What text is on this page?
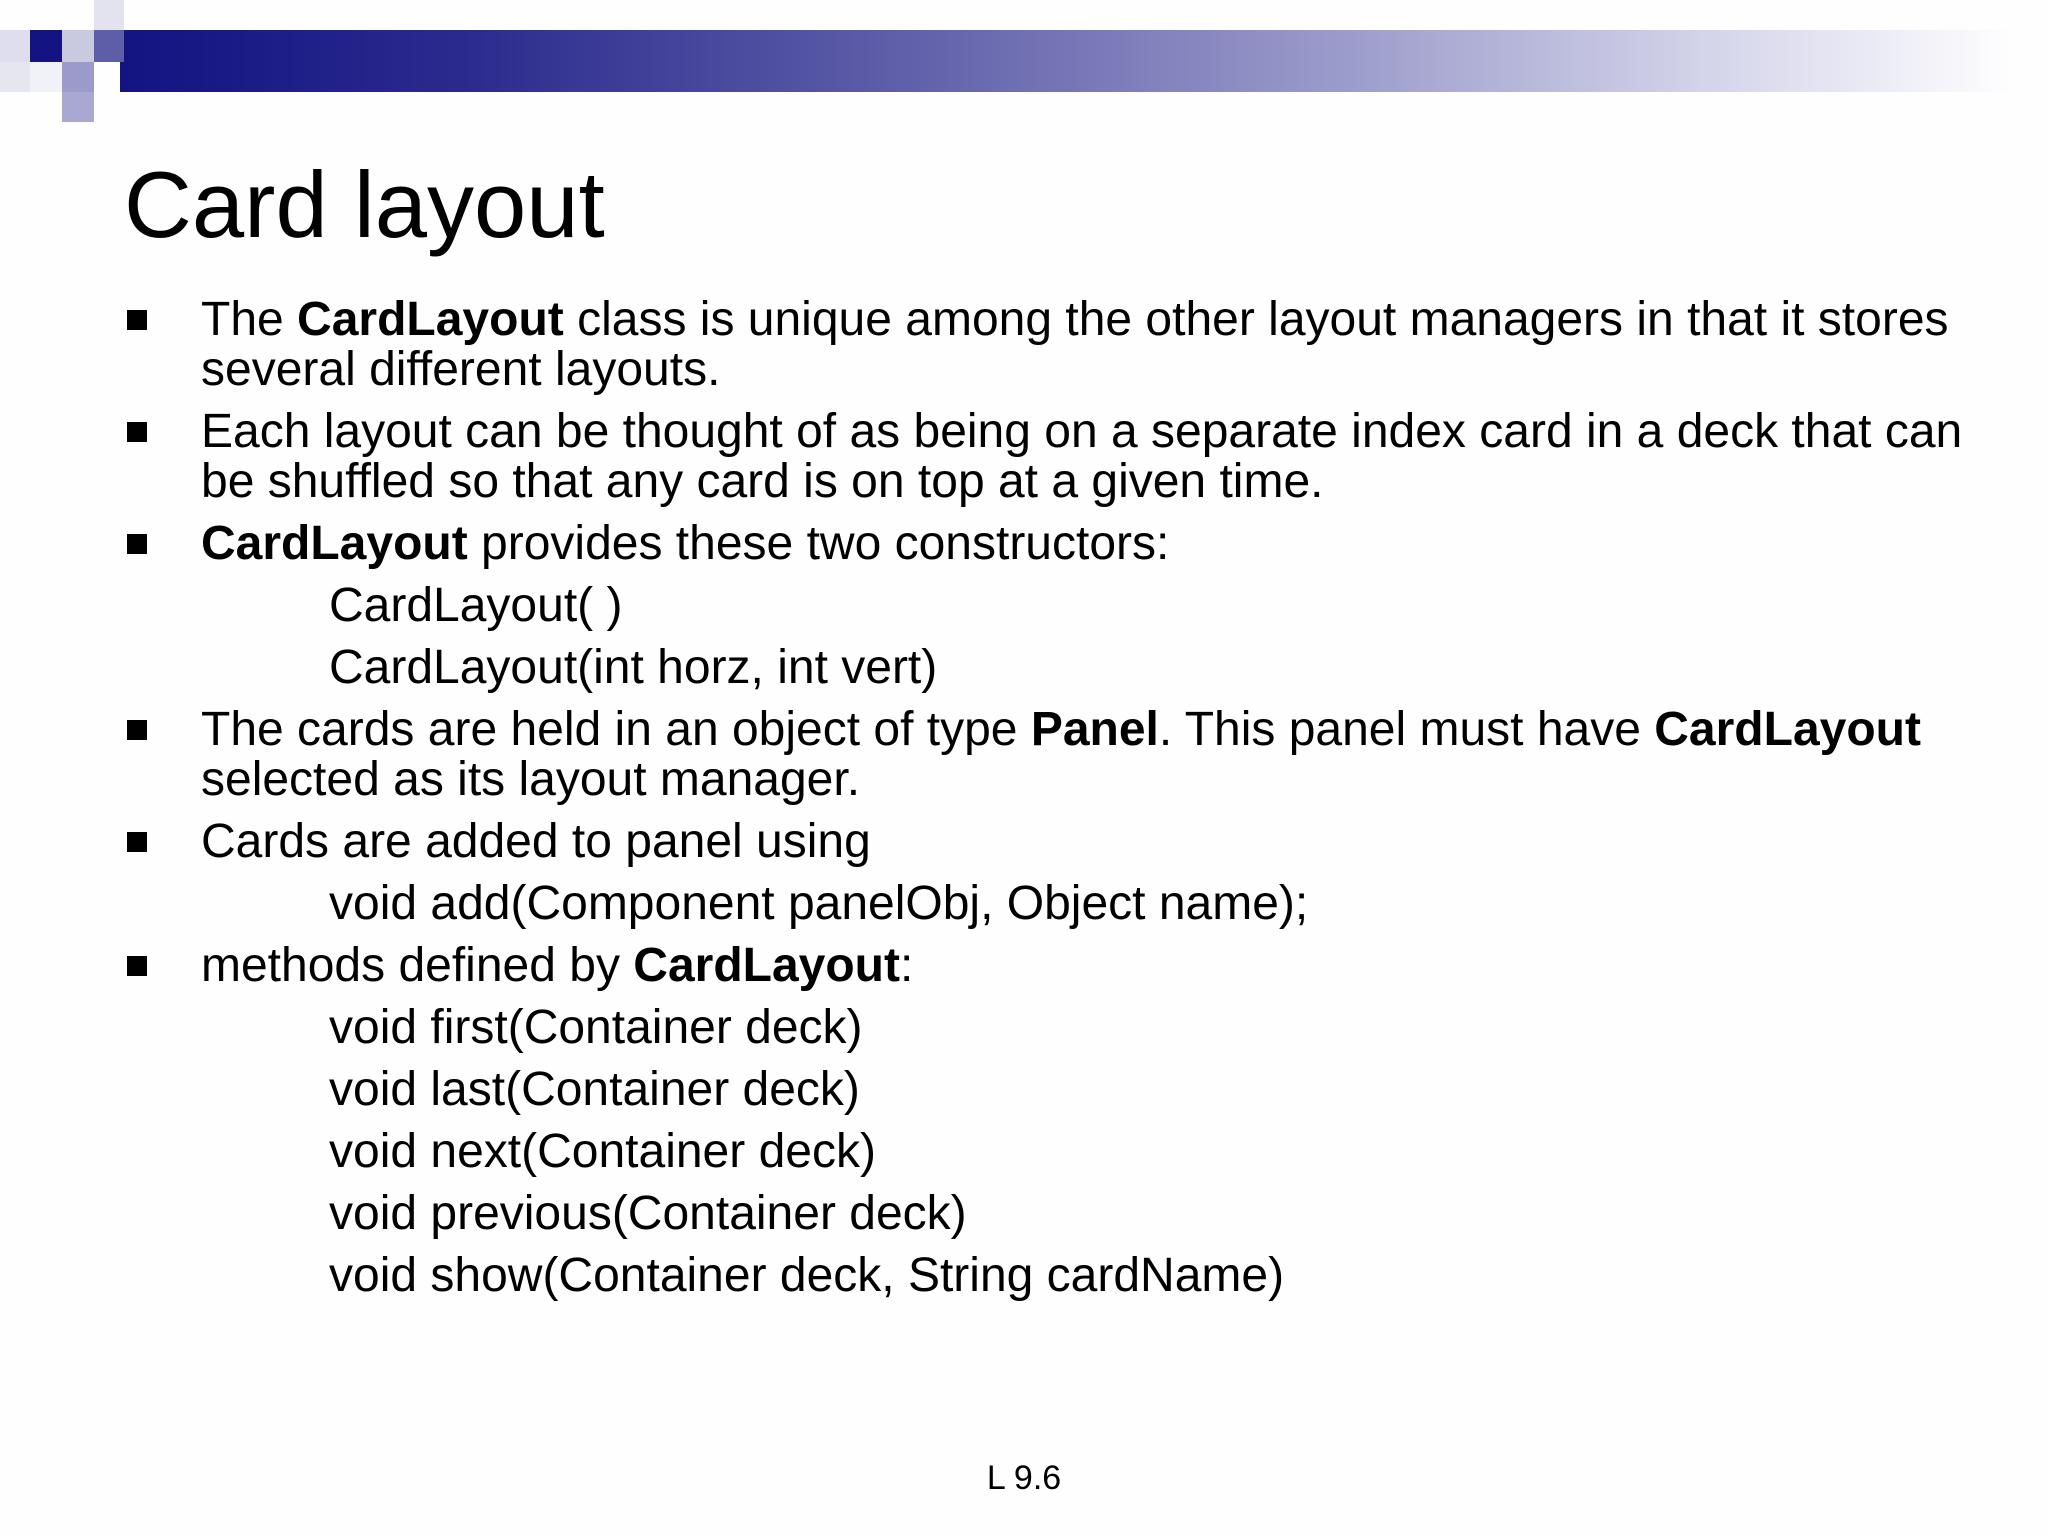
Card layout
The CardLayout class is unique among the other layout managers in that it stores several different layouts.
Each layout can be thought of as being on a separate index card in a deck that can be shuffled so that any card is on top at a given time.
CardLayout provides these two constructors:
CardLayout( )
CardLayout(int horz, int vert)
The cards are held in an object of type Panel. This panel must have CardLayout selected as its layout manager.
Cards are added to panel using
void add(Component panelObj, Object name);
methods defined by CardLayout:
void first(Container deck)
void last(Container deck)
void next(Container deck)
void previous(Container deck)
void show(Container deck, String cardName)
L 9.6
